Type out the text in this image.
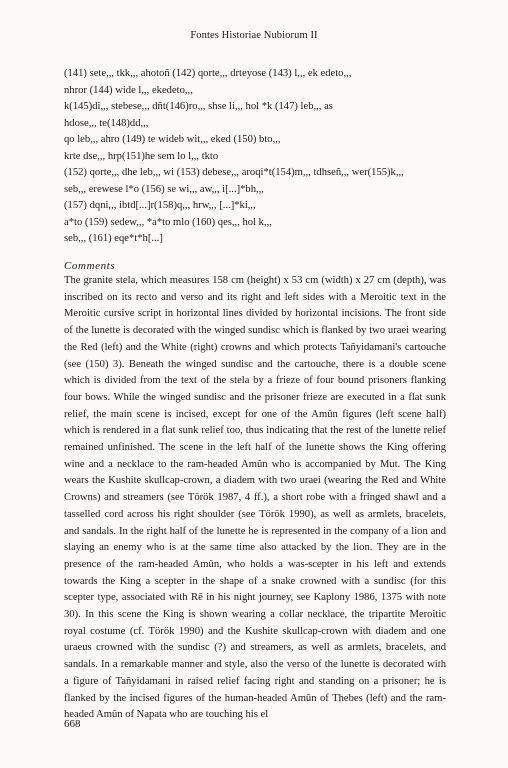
Fontes Historiae Nubiorum II
(141) sete,,, tkk,,, ahotoñ (142) qorte,,, drteyose (143) l,,, ek edeto,,,
nhror (144) wide l,,, ekedeto,,,
k(145)di,,, stebese,,, dñt(146)ro,,, shse li,,, hol *k (147) leb,,, as
hdose,,, te(148)dd,,,
qo leb,,, ahro (149) te wideb wit,,, eked (150) bto,,,
krte dse,,, hrp(151)he sem lo l,,, tkto
(152) qorte,,, dhe leb,,, wi (153) debese,,, aroqi*t(154)m,,, tdhseñ,,, wer(155)k,,,
seb,,, erewese l*o (156) se wi,,, aw,,, i[...]*bh,,,
(157) dqni,,, ibtd[...]r(158)q,,, hrw,,, [...]*ki,,,
a*to (159) sedew,,, *a*to mlo (160) qes,,, hol k,,,
seb,,, (161) eqe*t*h[...]
Comments
The granite stela, which measures 158 cm (height) x 53 cm (width) x 27 cm (depth), was inscribed on its recto and verso and its right and left sides with a Meroitic text in the Meroitic cursive script in horizontal lines divided by horizontal incisions. The front side of the lunette is decorated with the winged sundisc which is flanked by two uraei wearing the Red (left) and the White (right) crowns and which protects Tañyidamani's cartouche (see (150) 3). Beneath the winged sundisc and the cartouche, there is a double scene which is divided from the text of the stela by a frieze of four bound prisoners flanking four bows. While the winged sundisc and the prisoner frieze are executed in a flat sunk relief, the main scene is incised, except for one of the Amûn figures (left scene half) which is rendered in a flat sunk relief too, thus indicating that the rest of the lunette relief remained unfinished. The scene in the left half of the lunette shows the King offering wine and a necklace to the ram-headed Amûn who is accompanied by Mut. The King wears the Kushite skullcap-crown, a diadem with two uraei (wearing the Red and White Crowns) and streamers (see Török 1987, 4 ff.), a short robe with a fringed shawl and a tasselled cord across his right shoulder (see Török 1990), as well as armlets, bracelets, and sandals. In the right half of the lunette he is represented in the company of a lion and slaying an enemy who is at the same time also attacked by the lion. They are in the presence of the ram-headed Amûn, who holds a was-scepter in his left and extends towards the King a scepter in the shape of a snake crowned with a sundisc (for this scepter type, associated with Rê in his night journey, see Kaplony 1986, 1375 with note 30). In this scene the King is shown wearing a collar necklace, the tripartite Meroitic royal costume (cf. Török 1990) and the Kushite skullcap-crown with diadem and one uraeus crowned with the sundisc (?) and streamers, as well as armlets, bracelets, and sandals. In a remarkable manner and style, also the verso of the lunette is decorated with a figure of Tañyidamani in raised relief facing right and standing on a prisoner; he is flanked by the incised figures of the human-headed Amûn of Thebes (left) and the ram-headed Amûn of Napata who are touching his el
668
